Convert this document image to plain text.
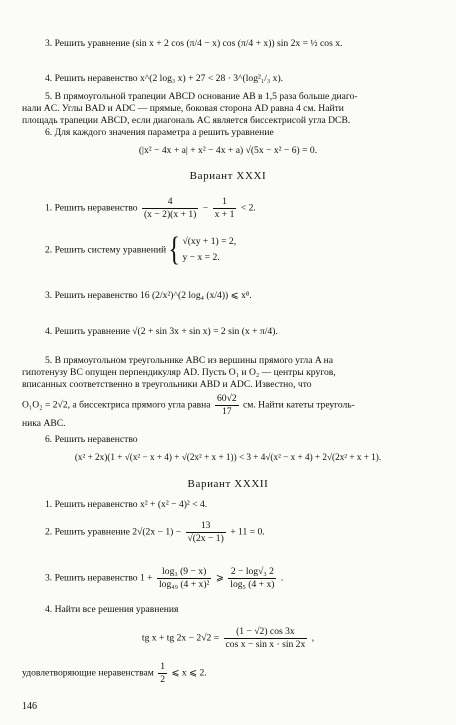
3. Решить уравнение (sin x + 2 cos (π/4 − x) cos (π/4 + x)) sin 2x = ½ cos x.
4. Решить неравенство x^(2 log₃ x) + 27 < 28 · 3^(log²₁/₃ x).
5. В прямоугольной трапеции ABCD основание AB в 1,5 раза больше диаго-
нали AC. Углы BAD и ADC — прямые, боковая сторона AD равна 4 см. Найти
площадь трапеции ABCD, если диагональ AC является биссектрисой угла DCB.
6. Для каждого значения параметра a решить уравнение
(|x² − 4x + a| + x² − 4x + a) √(5x − x² − 6) = 0.
Вариант XXXI
1. Решить неравенство $\frac{4}{(x - 2)(x + 1)} - \frac{1}{x + 1} < 2$.
2. Решить систему уравнений { √(xy + 1) = 2,
y − x = 2.
3. Решить неравенство 16 (2/x²)^(2 log₄ (x/4)) ⩽ x⁸.
4. Решить уравнение √(2 + sin 3x + sin x) = 2 sin (x + π/4).
5. В прямоугольном треугольнике ABC из вершины прямого угла A на
гипотенузу BC опущен перпендикуляр AD. Пусть O₁ и O₂ — центры кругов,
вписанных соответственно в треугольники ABD и ADC. Известно, что
O₁O₂ = 2√2, а биссектриса прямого угла равна $\frac{60√2}{17}$ см. Найти катеты треуголь-
ника ABC.
6. Решить неравенство
(x² + 2x)(1 + √(x² − x + 4) + √(2x² + x + 1)) < 3 + 4√(x² − x + 4) + 2√(2x² + x + 1).
Вариант XXXII
1. Решить неравенство x² + (x² − 4)² < 4.
2. Решить уравнение $2√(2x - 1) - \frac{13}{√(2x - 1)} + 11 = 0$.
3. Решить неравенство $1 + \frac{\text{log₃ (9 − x)}}{\text{log₄₉ (4 + x)²}}$ ⩾ $\frac{\text{2 − log√₃ 2}}{\text{log₅ (4 + x)}}$ .
4. Найти все решения уравнения
tg x + tg $2x - 2√2 = \frac{(1 - √2) \cos 3x}{\text{cos x − sin x · sin 2x}}$ ,
удовлетворяющие неравенствам $\frac{1}{2}$ ⩽ x ⩽ 2.
146
